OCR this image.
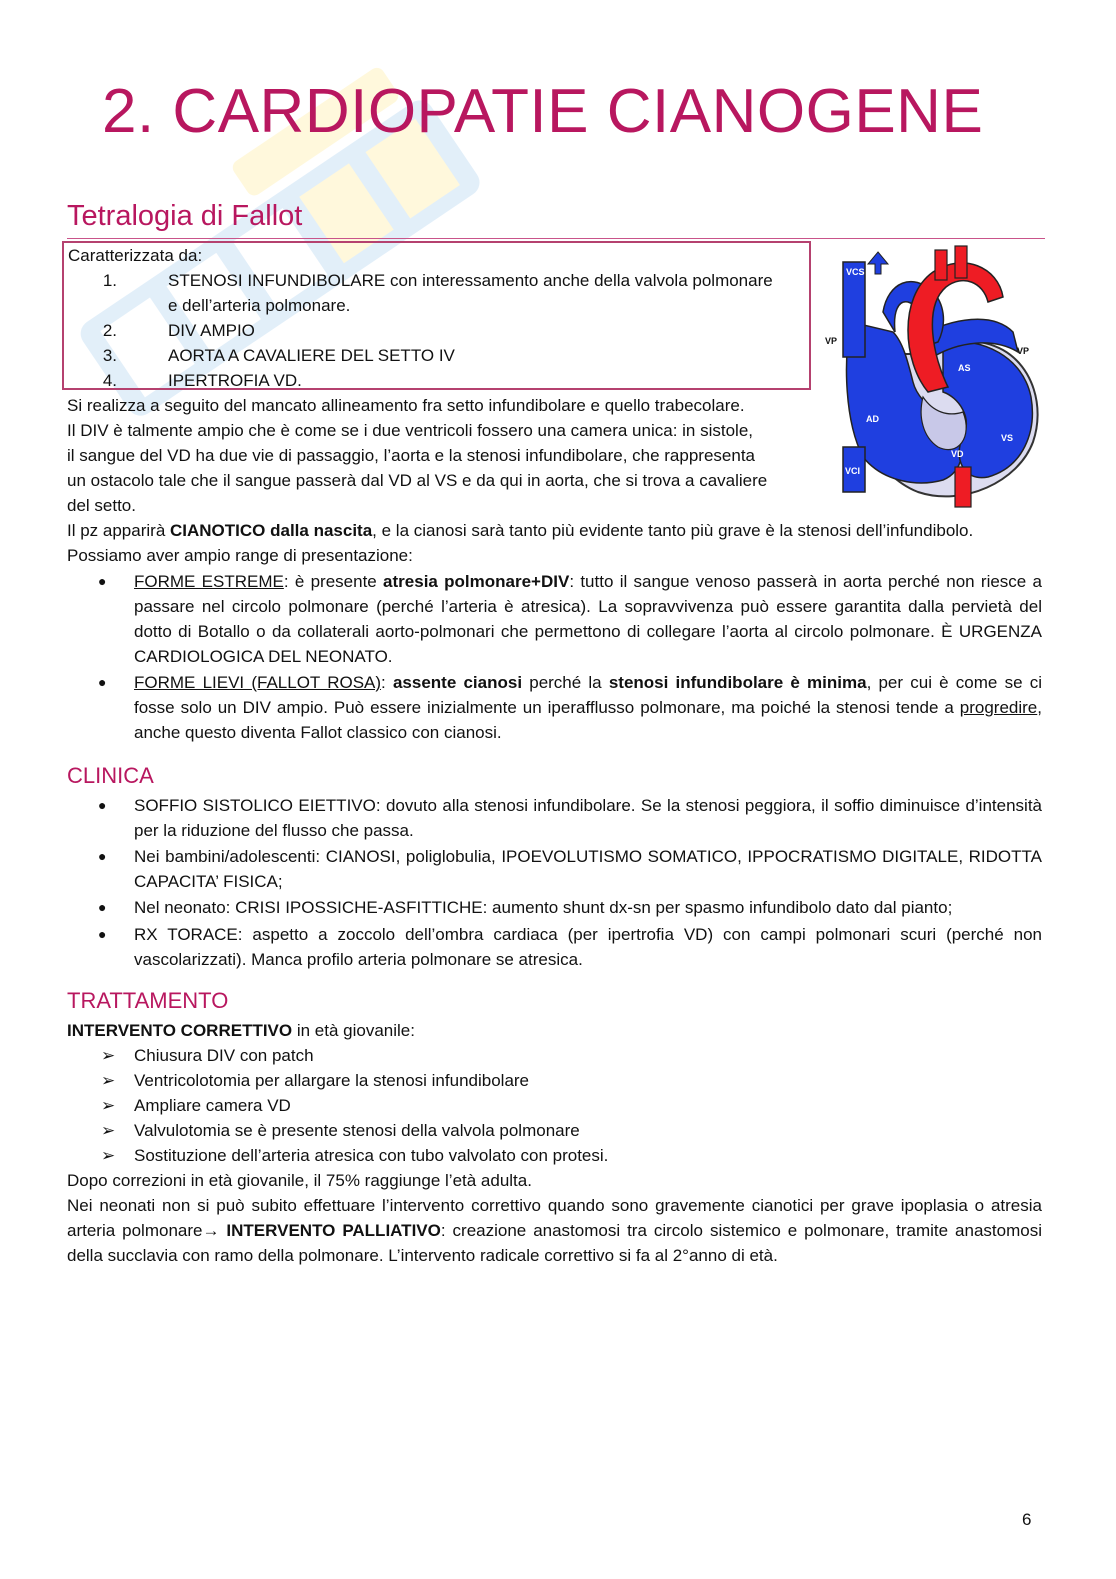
2. CARDIOPATIE CIANOGENE
Tetralogia di Fallot
Caratterizzata da:
1.	STENOSI INFUNDIBOLARE con interessamento anche della valvola polmonare
e dell’arteria polmonare.
2.	DIV AMPIO
3.	AORTA A CAVALIERE DEL SETTO IV
4.	IPERTROFIA VD.
Si realizza a seguito del mancato allineamento fra setto infundibolare e quello trabecolare.
Il DIV è talmente ampio che è come se i due ventricoli fossero una camera unica: in sistole,
il sangue del VD ha due vie di passaggio, l’aorta e la stenosi infundibolare, che rappresenta
un ostacolo tale che il sangue passerà dal VD al VS e da qui in aorta, che si trova a cavaliere
del setto.
VCS
AS
AD
VD
VS
VCI
VP
VP
Il pz apparirà CIANOTICO dalla nascita, e la cianosi sarà tanto più evidente tanto più grave è la stenosi dell’infundibolo.
Possiamo aver ampio range di presentazione:
● FORME ESTREME: è presente atresia polmonare+DIV: tutto il sangue venoso passerà in aorta perché non riesce a passare nel circolo polmonare (perché l’arteria è atresica). La sopravvivenza può essere garantita dalla pervietà del dotto di Botallo o da collaterali aorto-polmonari che permettono di collegare l’aorta al circolo polmonare. È URGENZA CARDIOLOGICA DEL NEONATO.
● FORME LIEVI (FALLOT ROSA): assente cianosi perché la stenosi infundibolare è minima, per cui è come se ci fosse solo un DIV ampio. Può essere inizialmente un iperafflusso polmonare, ma poiché la stenosi tende a progredire, anche questo diventa Fallot classico con cianosi.
CLINICA
● SOFFIO SISTOLICO EIETTIVO: dovuto alla stenosi infundibolare. Se la stenosi peggiora, il soffio diminuisce d’intensità per la riduzione del flusso che passa.
● Nei bambini/adolescenti: CIANOSI, poliglobulia, IPOEVOLUTISMO SOMATICO, IPPOCRATISMO DIGITALE, RIDOTTA CAPACITA’ FISICA;
● Nel neonato: CRISI IPOSSICHE-ASFITTICHE: aumento shunt dx-sn per spasmo infundibolo dato dal pianto;
● RX TORACE: aspetto a zoccolo dell’ombra cardiaca (per ipertrofia VD) con campi polmonari scuri (perché non vascolarizzati). Manca profilo arteria polmonare se atresica.
TRATTAMENTO
INTERVENTO CORRETTIVO in età giovanile:
➢ Chiusura DIV con patch
➢ Ventricolotomia per allargare la stenosi infundibolare
➢ Ampliare camera VD
➢ Valvulotomia se è presente stenosi della valvola polmonare
➢ Sostituzione dell’arteria atresica con tubo valvolato con protesi.
Dopo correzioni in età giovanile, il 75% raggiunge l’età adulta.
Nei neonati non si può subito effettuare l’intervento correttivo quando sono gravemente cianotici per grave ipoplasia o atresia arteria polmonare→ INTERVENTO PALLIATIVO: creazione anastomosi tra circolo sistemico e polmonare, tramite anastomosi della succlavia con ramo della polmonare. L’intervento radicale correttivo si fa al 2°anno di età.
6
